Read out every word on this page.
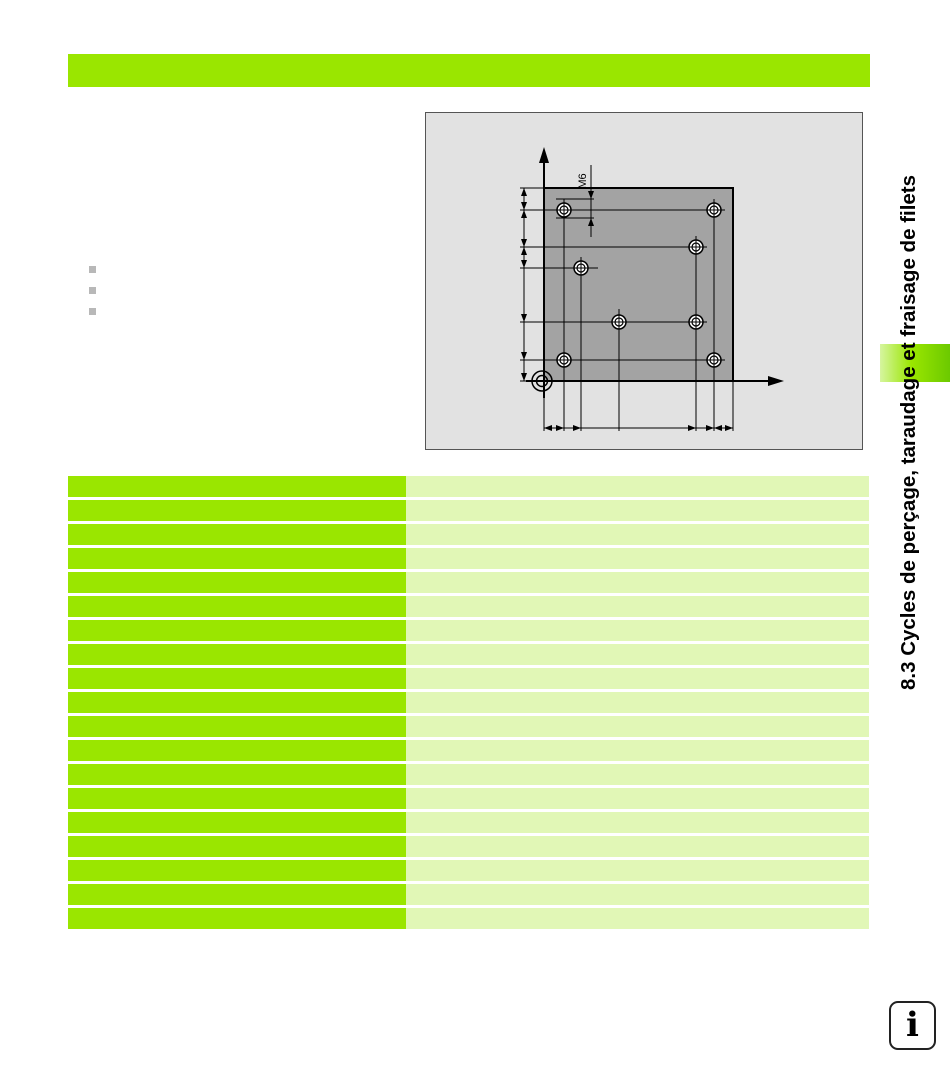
M6	8.3 Cycles de perçage, taraudage et fraisage de filets
i
